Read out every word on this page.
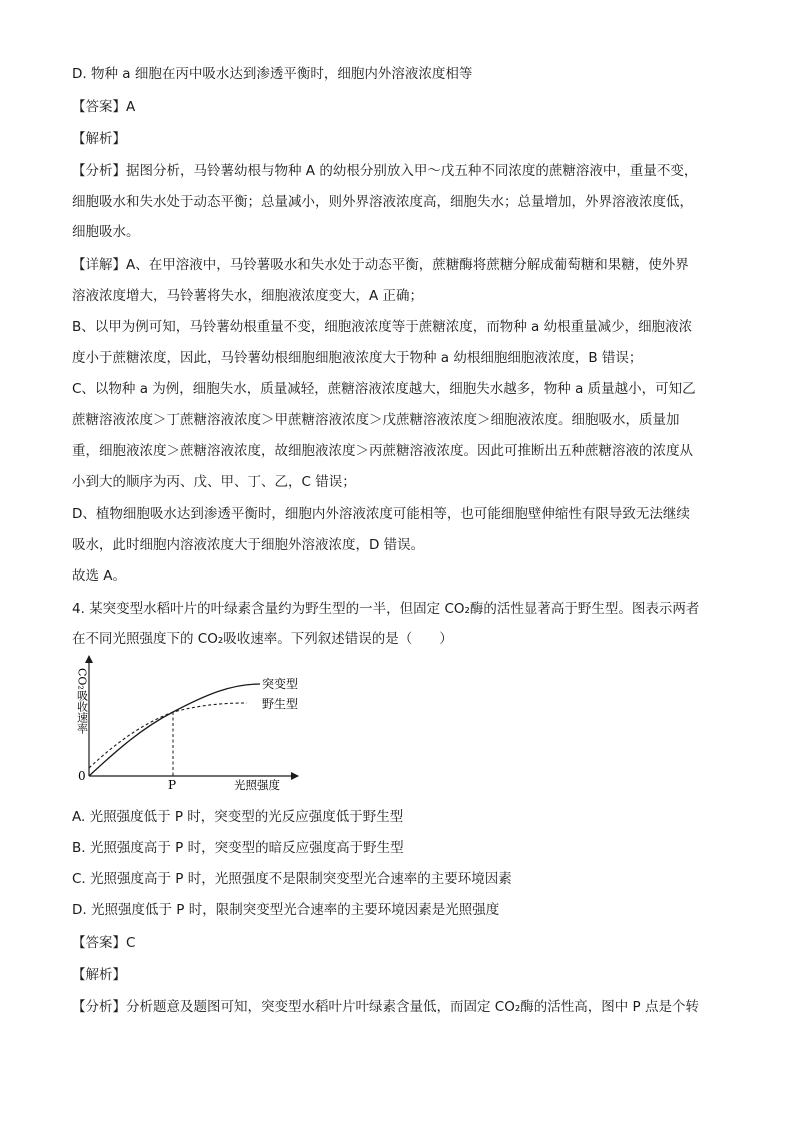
D. 物种 a 细胞在丙中吸水达到渗透平衡时，细胞内外溶液浓度相等
【答案】A
【解析】
【分析】据图分析，马铃薯幼根与物种 A 的幼根分别放入甲～戊五种不同浓度的蔗糖溶液中，重量不变，
细胞吸水和失水处于动态平衡；总量减小，则外界溶液浓度高，细胞失水；总量增加，外界溶液浓度低，
细胞吸水。
【详解】A、在甲溶液中，马铃薯吸水和失水处于动态平衡，蔗糖酶将蔗糖分解成葡萄糖和果糖，使外界
溶液浓度增大，马铃薯将失水，细胞液浓度变大，A 正确；
B、以甲为例可知，马铃薯幼根重量不变，细胞液浓度等于蔗糖浓度，而物种 a 幼根重量减少，细胞液浓
度小于蔗糖浓度，因此，马铃薯幼根细胞细胞液浓度大于物种 a 幼根细胞细胞液浓度，B 错误；
C、以物种 a 为例，细胞失水，质量减轻，蔗糖溶液浓度越大，细胞失水越多，物种 a 质量越小，可知乙
蔗糖溶液浓度＞丁蔗糖溶液浓度＞甲蔗糖溶液浓度＞戊蔗糖溶液浓度＞细胞液浓度。细胞吸水，质量加
重，细胞液浓度＞蔗糖溶液浓度，故细胞液浓度＞丙蔗糖溶液浓度。因此可推断出五种蔗糖溶液的浓度从
小到大的顺序为丙、戊、甲、丁、乙，C 错误；
D、植物细胞吸水达到渗透平衡时，细胞内外溶液浓度可能相等，也可能细胞壁伸缩性有限导致无法继续
吸水，此时细胞内溶液浓度大于细胞外溶液浓度，D 错误。
故选 A。
4. 某突变型水稻叶片的叶绿素含量约为野生型的一半，但固定 CO₂酶的活性显著高于野生型。图表示两者
在不同光照强度下的 CO₂吸收速率。下列叙述错误的是（　　）
CO₂吸收速率
0
P	光照强度
突变型
野生型
A. 光照强度低于 P 时，突变型的光反应强度低于野生型
B. 光照强度高于 P 时，突变型的暗反应强度高于野生型
C. 光照强度高于 P 时，光照强度不是限制突变型光合速率的主要环境因素
D. 光照强度低于 P 时，限制突变型光合速率的主要环境因素是光照强度
【答案】C
【解析】
【分析】分析题意及题图可知，突变型水稻叶片叶绿素含量低，而固定 CO₂酶的活性高，图中 P 点是个转
